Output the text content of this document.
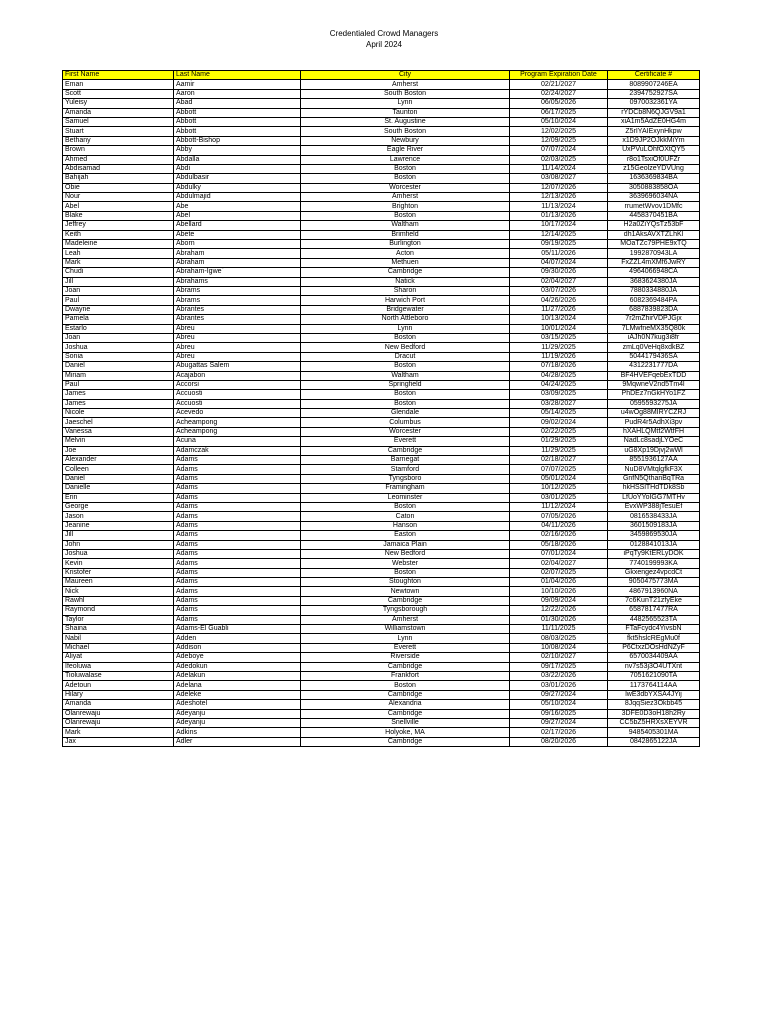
Credentialed Crowd Managers
April 2024
First Name	Last Name	City	Program Expiration Date	Certificate #
Eman	Aamir	Amherst	02/21/2027	8089907246EA
Scott	Aaron	South Boston	02/24/2027	2394752927SA
Yuleisy	Abad	Lynn	06/05/2026	0970032361YA
Amanda	Abbott	Taunton	06/17/2025	rYDCb8N6QJGV9a1
Samuel	Abbott	St. Augustine	05/10/2024	xiA1m5AdZE0HG4m
Stuart	Abbott	South Boston	12/02/2025	Z5rIYAIExynHkpw
Bethany	Abbott-Bishop	Newbury	12/09/2025	x1D9JP2OJkkMiYm
Brown	Abby	Eagle River	07/07/2024	UxPVuLOhfOXtQY5
Ahmed	Abdalla	Lawrence	02/03/2025	r8o1TsxiOf0UFZr
Abdisamad	Abdi	Boston	11/14/2024	z15GeolzeYDVUng
Bahijah	Abdulbasir	Boston	03/08/2027	1636369834BA
Obie	Abdulky	Worcester	12/07/2026	3050883858OA
Nour	Abdulmajid	Amherst	12/13/2026	3639696034NA
Abel	Abe	Brighton	11/13/2024	rrumetWvov1DMfc
Blake	Abel	Boston	01/13/2026	4458370451BA
Jeffrey	Abellard	Waltham	10/17/2024	H2a0ZiYQsTz53bF
Keith	Abete	Brimfield	12/14/2025	dh1AksAVXTZLhKl
Madeleine	Aborn	Burlington	09/19/2025	MOaTZc79PHE9xTQ
Leah	Abraham	Acton	05/11/2026	1992870943LA
Mark	Abraham	Methuen	04/07/2024	FxZZL4mXMf6JwRY
Chudi	Abraham-Igwe`	Cambridge	09/30/2026	4964066948CA
Jill	Abrahams	Natick	02/04/2027	3683624380JA
Joan	Abrams	Sharon	03/07/2026	7880334880JA
Paul	Abrams	Harwich Port	04/26/2026	6082369484PA
Dwayne	Abrantes	Bridgewater	11/27/2026	6887839823DA
Pamela	Abrantes	North Attleboro	10/13/2024	7r2mZhirVDPJGjx
Estarlo	Abreu	Lynn	10/01/2024	7LMwfneMX35Q80k
Joan	Abreu	Boston	03/15/2025	iAJh0N7kug3i8fr
Joshua	Abreu	New Bedford	11/29/2025	zmLq0VeHq8xdkBZ
Sonia	Abreu	Dracut	11/19/2026	5044179436SA
Daniel	Abugattas Salem	Boston	07/18/2026	4312231777DA
Miriam	Acajabon	Waltham	04/28/2025	BF4HVEFqebExTDD
Paul	Accorsi	Springfield	04/24/2025	9MqwneV2nd5Tm4l
James	Accuosti	Boston	03/09/2025	PhDEz7nGkHYo1FZ
James	Accuosti	Boston	03/28/2027	0595593275JA
Nicole	Acevedo	Glendale	05/14/2025	u4wOg88MIRYCZRJ
Jaeschel	Acheampong	Columbus	09/02/2024	PudR4r5AdhXi3pv
Vanessa	Acheampong	Worcester	02/22/2025	hXAHLQMtf2WtfFH
Melvin	Acuna	Everett	01/29/2025	NadLc8sadjLYOeC
Joe	Adamczak	Cambridge	11/29/2025	uG8Xp19Djvj2wWl
Alexander	Adams	Barnegat	02/18/2027	8551936127AA
Colleen	Adams	Stamford	07/07/2025	NuD8VMtqlgfkF3X
Daniel	Adams	Tyngsboro	05/01/2024	GnfN5QthanBqTRa
Danielle	Adams	Framingham	10/12/2025	hkHSSlTHdTDk8Sb
Erin	Adams	Leominster	03/01/2025	LfUoYYoIGG7MTHv
George	Adams	Boston	11/12/2024	EvxWP388jTesuEf
Jason	Adams	Caton	07/05/2026	0816538433JA
Jeanine	Adams	Hanson	04/11/2026	3601509183JA
Jill	Adams	Easton	02/16/2026	3459869530JA
John	Adams	Jamaica Plain	05/18/2026	0128841013JA
Joshua	Adams	New Bedford	07/01/2024	iPqTy9KtERLyDOK
Kevin	Adams	Webster	02/04/2027	7740199993KA
Kristofer	Adams	Boston	02/07/2025	Gkxengez4vpcdCt
Maureen	Adams	Stoughton	01/04/2026	9050475773MA
Nick	Adams	Newtown	10/10/2026	4867913960NA
Rawhl	Adams	Cambridge	09/09/2024	7c6KunT21zfyEke
Raymond	Adams	Tyngsborough	12/22/2026	6587817477RA
Taylor	Adams	Amherst	01/30/2026	4482565523TA
Shaina	Adams-El Guabli	Williamstown	11/11/2025	FTaFcydc4YivsbN
Nabil	Adden	Lynn	08/03/2025	fkt5hslcREgMu0f
Michael	Addison	Everett	10/08/2024	P6CtxzDOsHdNZyF
Aliyat	Adeboye	Riverside	02/10/2027	6570034409AA
Ifeoluwa	Adedokun	Cambridge	09/17/2025	nv7s53j3O4UTXnt
Tioluwalase	Adelakun	Frankfort	03/22/2026	7051621090TA
Adetoun	Adelana	Boston	03/01/2026	1173764114AA
Hilary	Adeleke	Cambridge	09/27/2024	lwE3dbYXSA4JYij
Amanda	Adeshotel	Alexandria	05/10/2024	8JqqSiez3Okbb45
Olanrewaju	Adeyanju	Cambridge	09/16/2025	3DFE0D3oH18h2Ry
Olanrewaju	Adeyanju	Snellville	09/27/2024	CC5bZ5HRXsXEYVR
Mark	Adkins	Holyoke, MA	02/17/2026	9485405301MA
Jax	Adler	Cambridge	08/20/2026	0842865122JA
